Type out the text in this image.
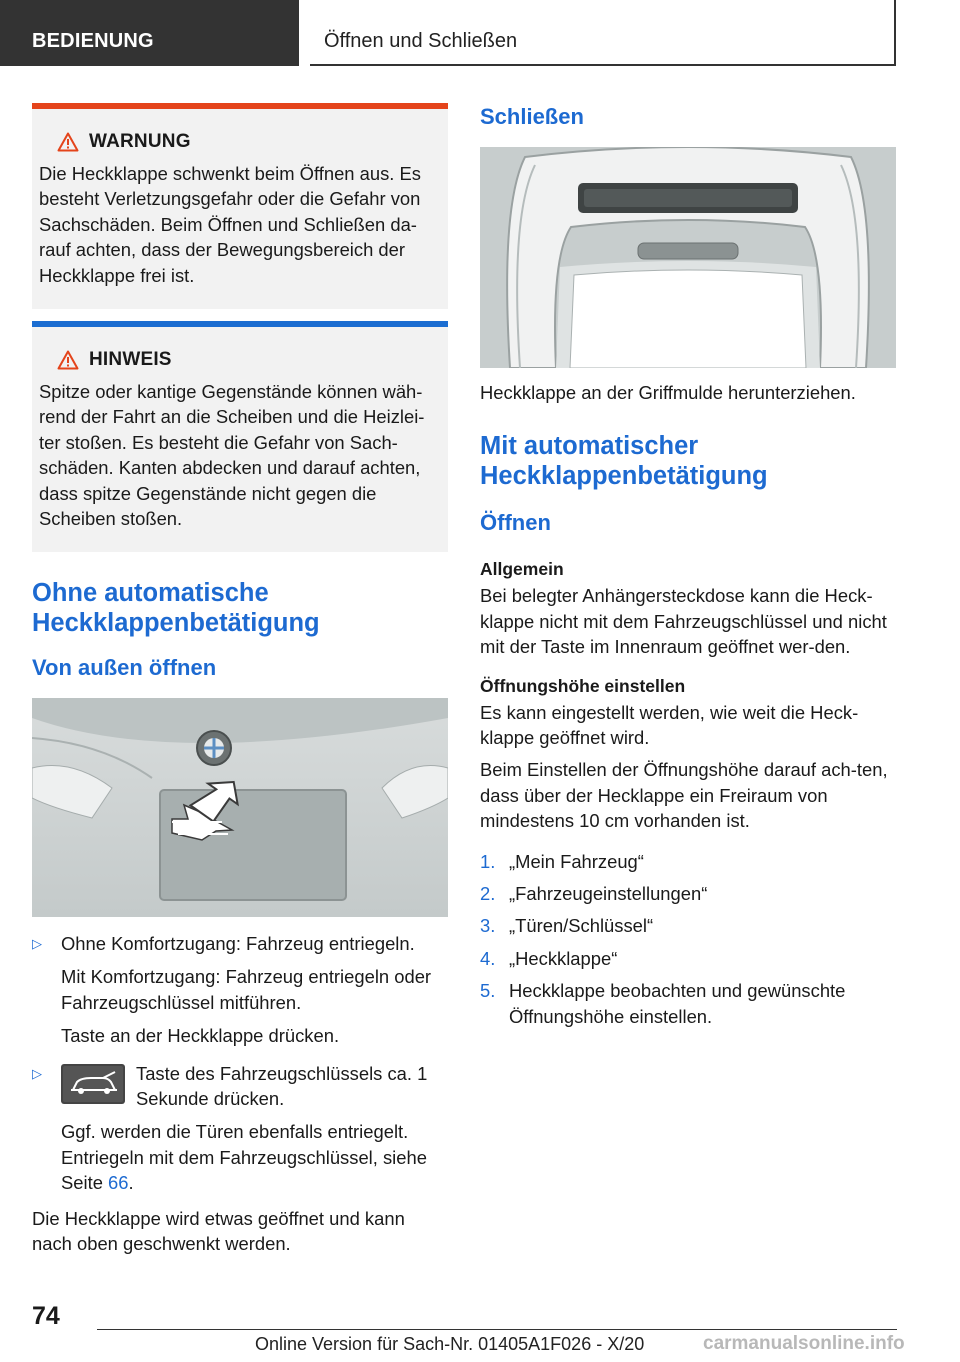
BEDIENUNG	Öffnen und Schließen
WARNUNG

Die Heckklappe schwenkt beim Öffnen aus. Es besteht Verletzungsgefahr oder die Gefahr von Sachschäden. Beim Öffnen und Schließen da-rauf achten, dass der Bewegungsbereich der Heckklappe frei ist.

HINWEIS

Spitze oder kantige Gegenstände können wäh-rend der Fahrt an die Scheiben und die Heizlei-ter stoßen. Es besteht die Gefahr von Sach-schäden. Kanten abdecken und darauf achten, dass spitze Gegenstände nicht gegen die Scheiben stoßen.

Ohne automatische Heckklappenbetätigung
Von außen öffnen
▷	Ohne Komfortzugang: Fahrzeug entriegeln.

Mit Komfortzugang: Fahrzeug entriegeln oder Fahrzeugschlüssel mitführen.

Taste an der Heckklappe drücken.

▷	Taste des Fahrzeugschlüssels ca. 1 Sekunde drücken.

Ggf. werden die Türen ebenfalls entriegelt. Entriegeln mit dem Fahrzeugschlüssel, siehe Seite 66.

Die Heckklappe wird etwas geöffnet und kann nach oben geschwenkt werden.

Schließen

Heckklappe an der Griffmulde herunterziehen.

Mit automatischer Heckklappenbetätigung
Öffnen
Allgemein

Bei belegter Anhängersteckdose kann die Heck-klappe nicht mit dem Fahrzeugschlüssel und nicht mit der Taste im Innenraum geöffnet wer-den.

Öffnungshöhe einstellen

Es kann eingestellt werden, wie weit die Heck-klappe geöffnet wird.

Beim Einstellen der Öffnungshöhe darauf ach-ten, dass über der Hecklappe ein Freiraum von mindestens 10 cm vorhanden ist.

1. „Mein Fahrzeug“
2. „Fahrzeugeinstellungen“
3. „Türen/Schlüssel“
4. „Heckklappe“
5. Heckklappe beobachten und gewünschte Öffnungshöhe einstellen.
74
Online Version für Sach-Nr. 01405A1F026 - X/20	carmanualsonline.info
